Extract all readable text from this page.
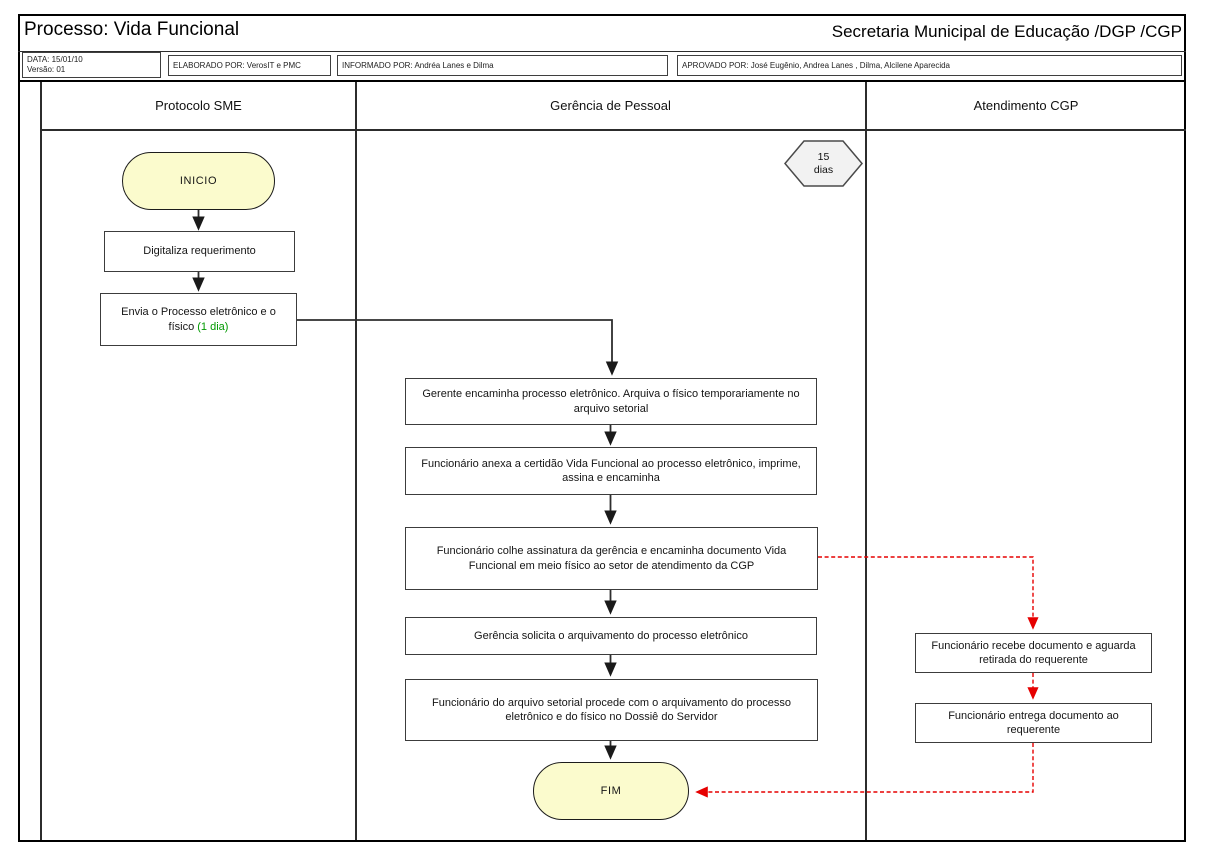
Processo: Vida Funcional	Secretaria Municipal de Educação /DGP /CGP
DATA: 15/01/10
Versão: 01	ELABORADO POR: VerosIT e PMC	INFORMADO POR: Andréa Lanes e Dilma	APROVADO POR: José Eugênio, Andrea Lanes , Dilma, Alcilene Aparecida
Protocolo SME	Gerência de Pessoal	Atendimento CGP
INICIO
Digitaliza requerimento
Envia o Processo eletrônico e o
físico (1 dia)
15
dias
Gerente encaminha processo eletrônico. Arquiva o físico temporariamente no arquivo setorial
Funcionário anexa a certidão Vida Funcional ao processo eletrônico, imprime, assina e encaminha
Funcionário colhe assinatura da gerência e encaminha documento Vida Funcional em meio físico ao setor de atendimento da CGP
Gerência solicita o arquivamento do processo eletrônico
Funcionário do arquivo setorial procede com o arquivamento do processo eletrônico e do físico no Dossiê do Servidor
FIM
Funcionário recebe documento e aguarda retirada do requerente
Funcionário entrega documento ao requerente
